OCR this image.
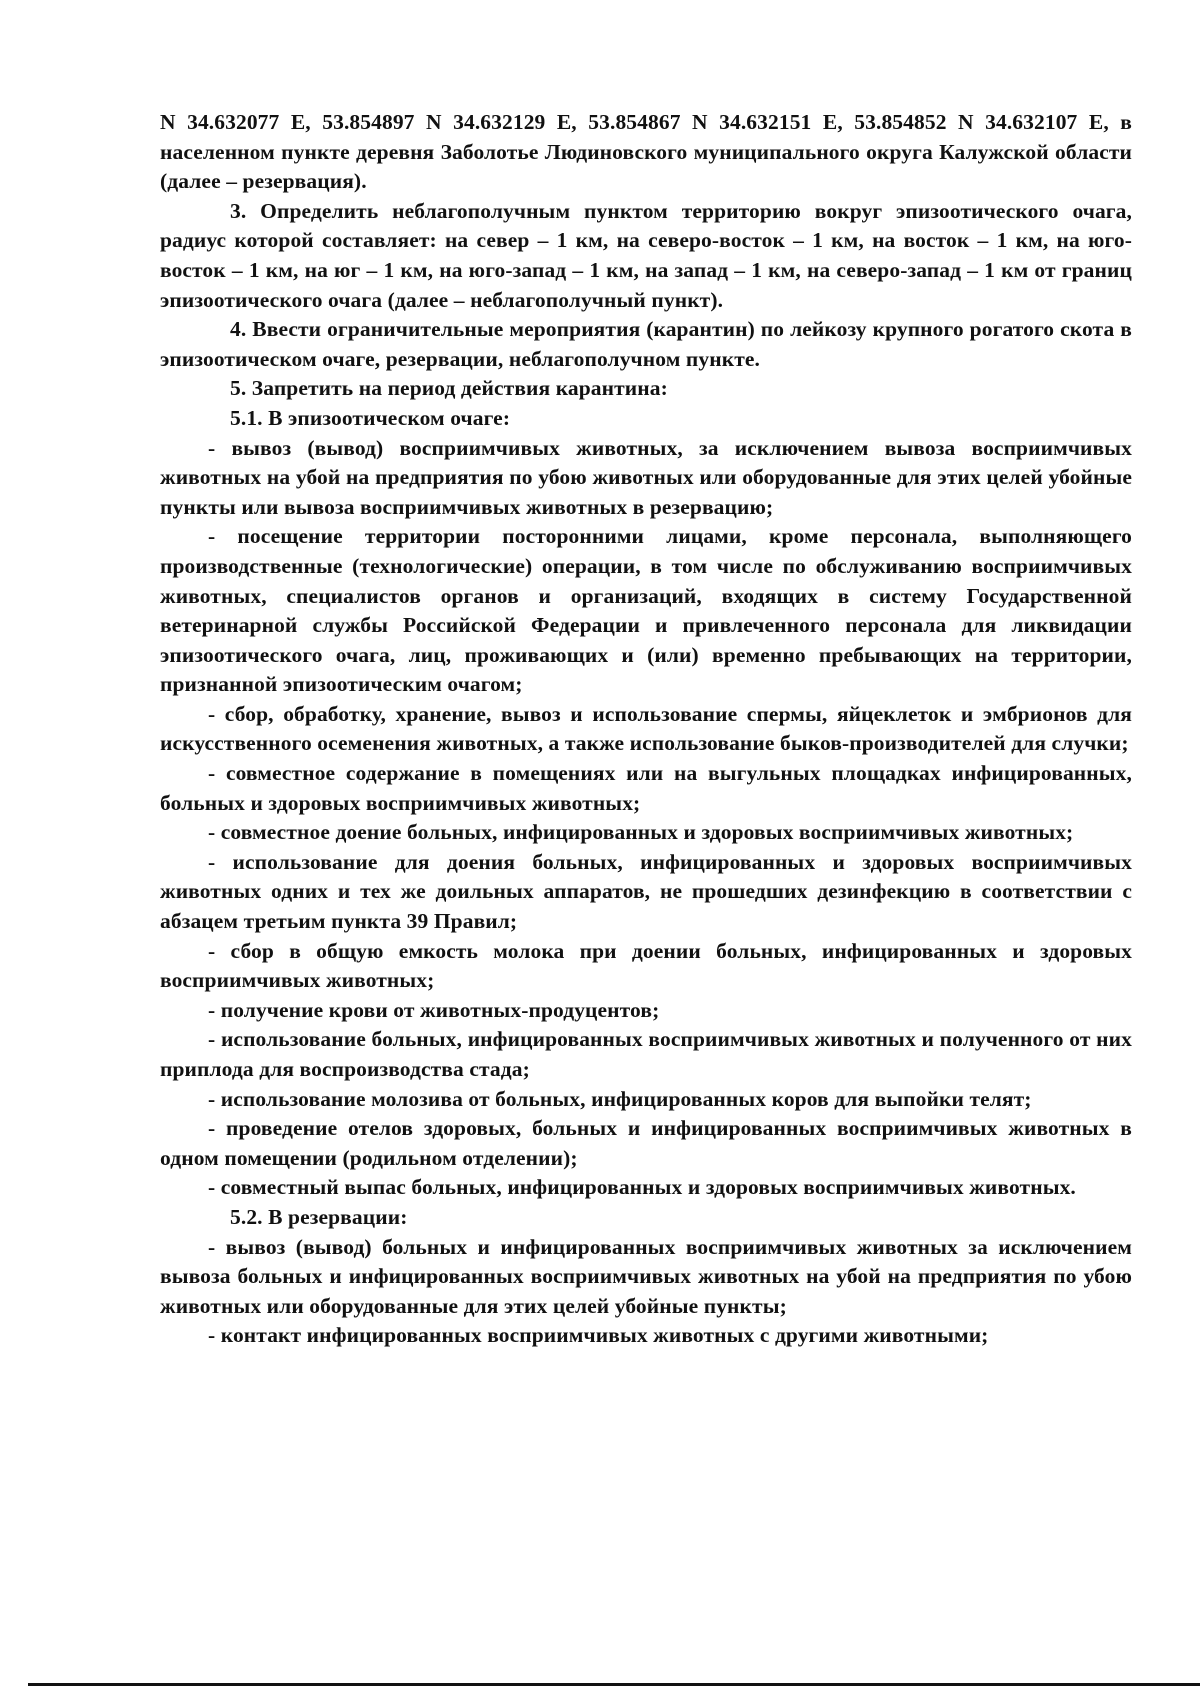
N 34.632077 E, 53.854897 N 34.632129 E, 53.854867 N 34.632151 E, 53.854852 N 34.632107 E, в населенном пункте деревня Заболотье Людиновского муниципального округа Калужской области (далее – резервация).

3. Определить неблагополучным пунктом территорию вокруг эпизоотического очага, радиус которой составляет: на север – 1 км, на северо-восток – 1 км, на восток – 1 км, на юго-восток – 1 км, на юг – 1 км, на юго-запад – 1 км, на запад – 1 км, на северо-запад – 1 км от границ эпизоотического очага (далее – неблагополучный пункт).

4. Ввести ограничительные мероприятия (карантин) по лейкозу крупного рогатого скота в эпизоотическом очаге, резервации, неблагополучном пункте.

5. Запретить на период действия карантина:

5.1. В эпизоотическом очаге:

- вывоз (вывод) восприимчивых животных, за исключением вывоза восприимчивых животных на убой на предприятия по убою животных или оборудованные для этих целей убойные пункты или вывоза восприимчивых животных в резервацию;

- посещение территории посторонними лицами, кроме персонала, выполняющего производственные (технологические) операции, в том числе по обслуживанию восприимчивых животных, специалистов органов и организаций, входящих в систему Государственной ветеринарной службы Российской Федерации и привлеченного персонала для ликвидации эпизоотического очага, лиц, проживающих и (или) временно пребывающих на территории, признанной эпизоотическим очагом;

- сбор, обработку, хранение, вывоз и использование спермы, яйцеклеток и эмбрионов для искусственного осеменения животных, а также использование быков-производителей для случки;

- совместное содержание в помещениях или на выгульных площадках инфицированных, больных и здоровых восприимчивых животных;

- совместное доение больных, инфицированных и здоровых восприимчивых животных;

- использование для доения больных, инфицированных и здоровых восприимчивых животных одних и тех же доильных аппаратов, не прошедших дезинфекцию в соответствии с абзацем третьим пункта 39 Правил;

- сбор в общую емкость молока при доении больных, инфицированных и здоровых восприимчивых животных;

- получение крови от животных-продуцентов;

- использование больных, инфицированных восприимчивых животных и полученного от них приплода для воспроизводства стада;

- использование молозива от больных, инфицированных коров для выпойки телят;

- проведение отелов здоровых, больных и инфицированных восприимчивых животных в одном помещении (родильном отделении);

- совместный выпас больных, инфицированных и здоровых восприимчивых животных.

5.2. В резервации:

- вывоз (вывод) больных и инфицированных восприимчивых животных за исключением вывоза больных и инфицированных восприимчивых животных на убой на предприятия по убою животных или оборудованные для этих целей убойные пункты;

- контакт инфицированных восприимчивых животных с другими животными;
